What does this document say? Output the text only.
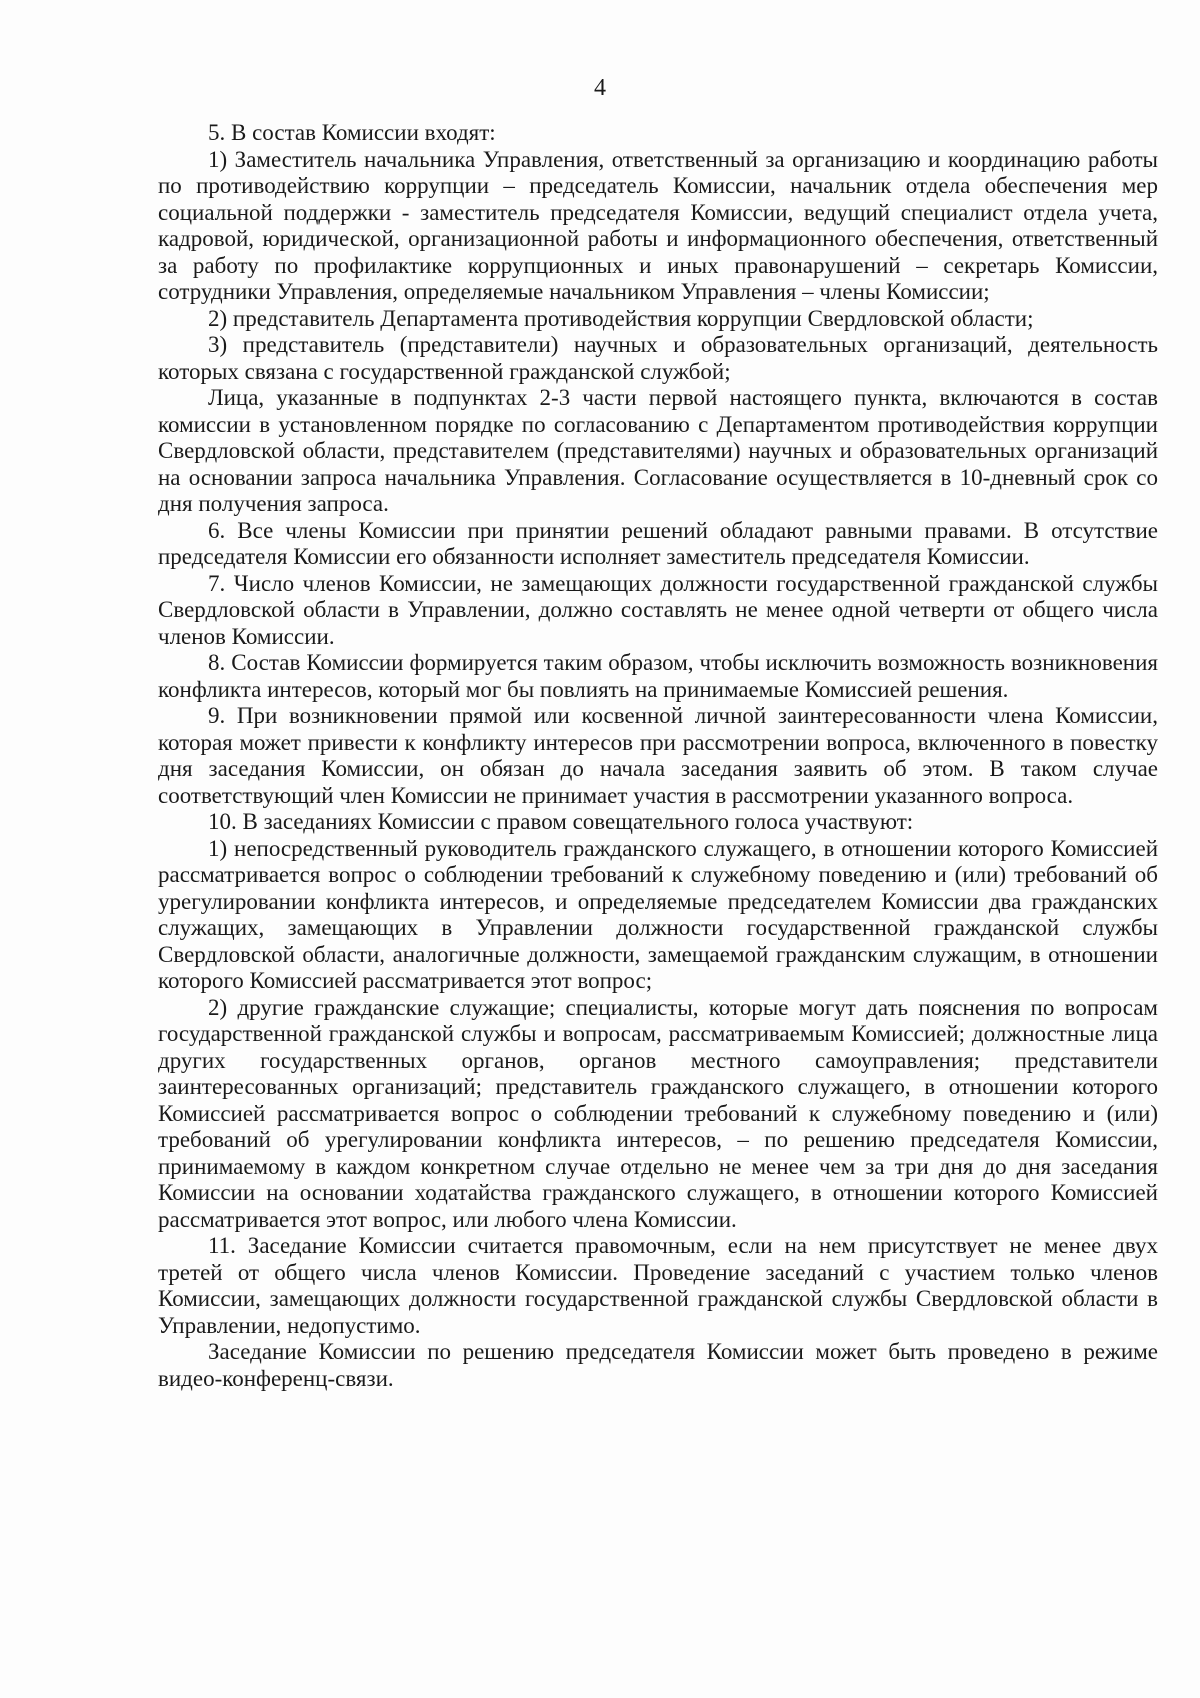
4

5. В состав Комиссии входят:

1) Заместитель начальника Управления, ответственный за организацию и координацию работы по противодействию коррупции – председатель Комиссии, начальник отдела обеспечения мер социальной поддержки - заместитель председателя Комиссии, ведущий специалист отдела учета, кадровой, юридической, организационной работы и информационного обеспечения, ответственный за работу по профилактике коррупционных и иных правонарушений – секретарь Комиссии, сотрудники Управления, определяемые начальником Управления – члены Комиссии;

2) представитель Департамента противодействия коррупции Свердловской области;

3) представитель (представители) научных и образовательных организаций, деятельность которых связана с государственной гражданской службой;

Лица, указанные в подпунктах 2-3 части первой настоящего пункта, включаются в состав комиссии в установленном порядке по согласованию с Департаментом противодействия коррупции Свердловской области, представителем (представителями) научных и образовательных организаций на основании запроса начальника Управления. Согласование осуществляется в 10-дневный срок со дня получения запроса.

6. Все члены Комиссии при принятии решений обладают равными правами. В отсутствие председателя Комиссии его обязанности исполняет заместитель председателя Комиссии.

7. Число членов Комиссии, не замещающих должности государственной гражданской службы Свердловской области в Управлении, должно составлять не менее одной четверти от общего числа членов Комиссии.

8. Состав Комиссии формируется таким образом, чтобы исключить возможность возникновения конфликта интересов, который мог бы повлиять на принимаемые Комиссией решения.

9. При возникновении прямой или косвенной личной заинтересованности члена Комиссии, которая может привести к конфликту интересов при рассмотрении вопроса, включенного в повестку дня заседания Комиссии, он обязан до начала заседания заявить об этом. В таком случае соответствующий член Комиссии не принимает участия в рассмотрении указанного вопроса.

10. В заседаниях Комиссии с правом совещательного голоса участвуют:

1) непосредственный руководитель гражданского служащего, в отношении которого Комиссией рассматривается вопрос о соблюдении требований к служебному поведению и (или) требований об урегулировании конфликта интересов, и определяемые председателем Комиссии два гражданских служащих, замещающих в Управлении должности государственной гражданской службы Свердловской области, аналогичные должности, замещаемой гражданским служащим, в отношении которого Комиссией рассматривается этот вопрос;

2) другие гражданские служащие; специалисты, которые могут дать пояснения по вопросам государственной гражданской службы и вопросам, рассматриваемым Комиссией; должностные лица других государственных органов, органов местного самоуправления; представители заинтересованных организаций; представитель гражданского служащего, в отношении которого Комиссией рассматривается вопрос о соблюдении требований к служебному поведению и (или) требований об урегулировании конфликта интересов, – по решению председателя Комиссии, принимаемому в каждом конкретном случае отдельно не менее чем за три дня до дня заседания Комиссии на основании ходатайства гражданского служащего, в отношении которого Комиссией рассматривается этот вопрос, или любого члена Комиссии.

11. Заседание Комиссии считается правомочным, если на нем присутствует не менее двух третей от общего числа членов Комиссии. Проведение заседаний с участием только членов Комиссии, замещающих должности государственной гражданской службы Свердловской области в Управлении, недопустимо.

Заседание Комиссии по решению председателя Комиссии может быть проведено в режиме видео-конференц-связи.
